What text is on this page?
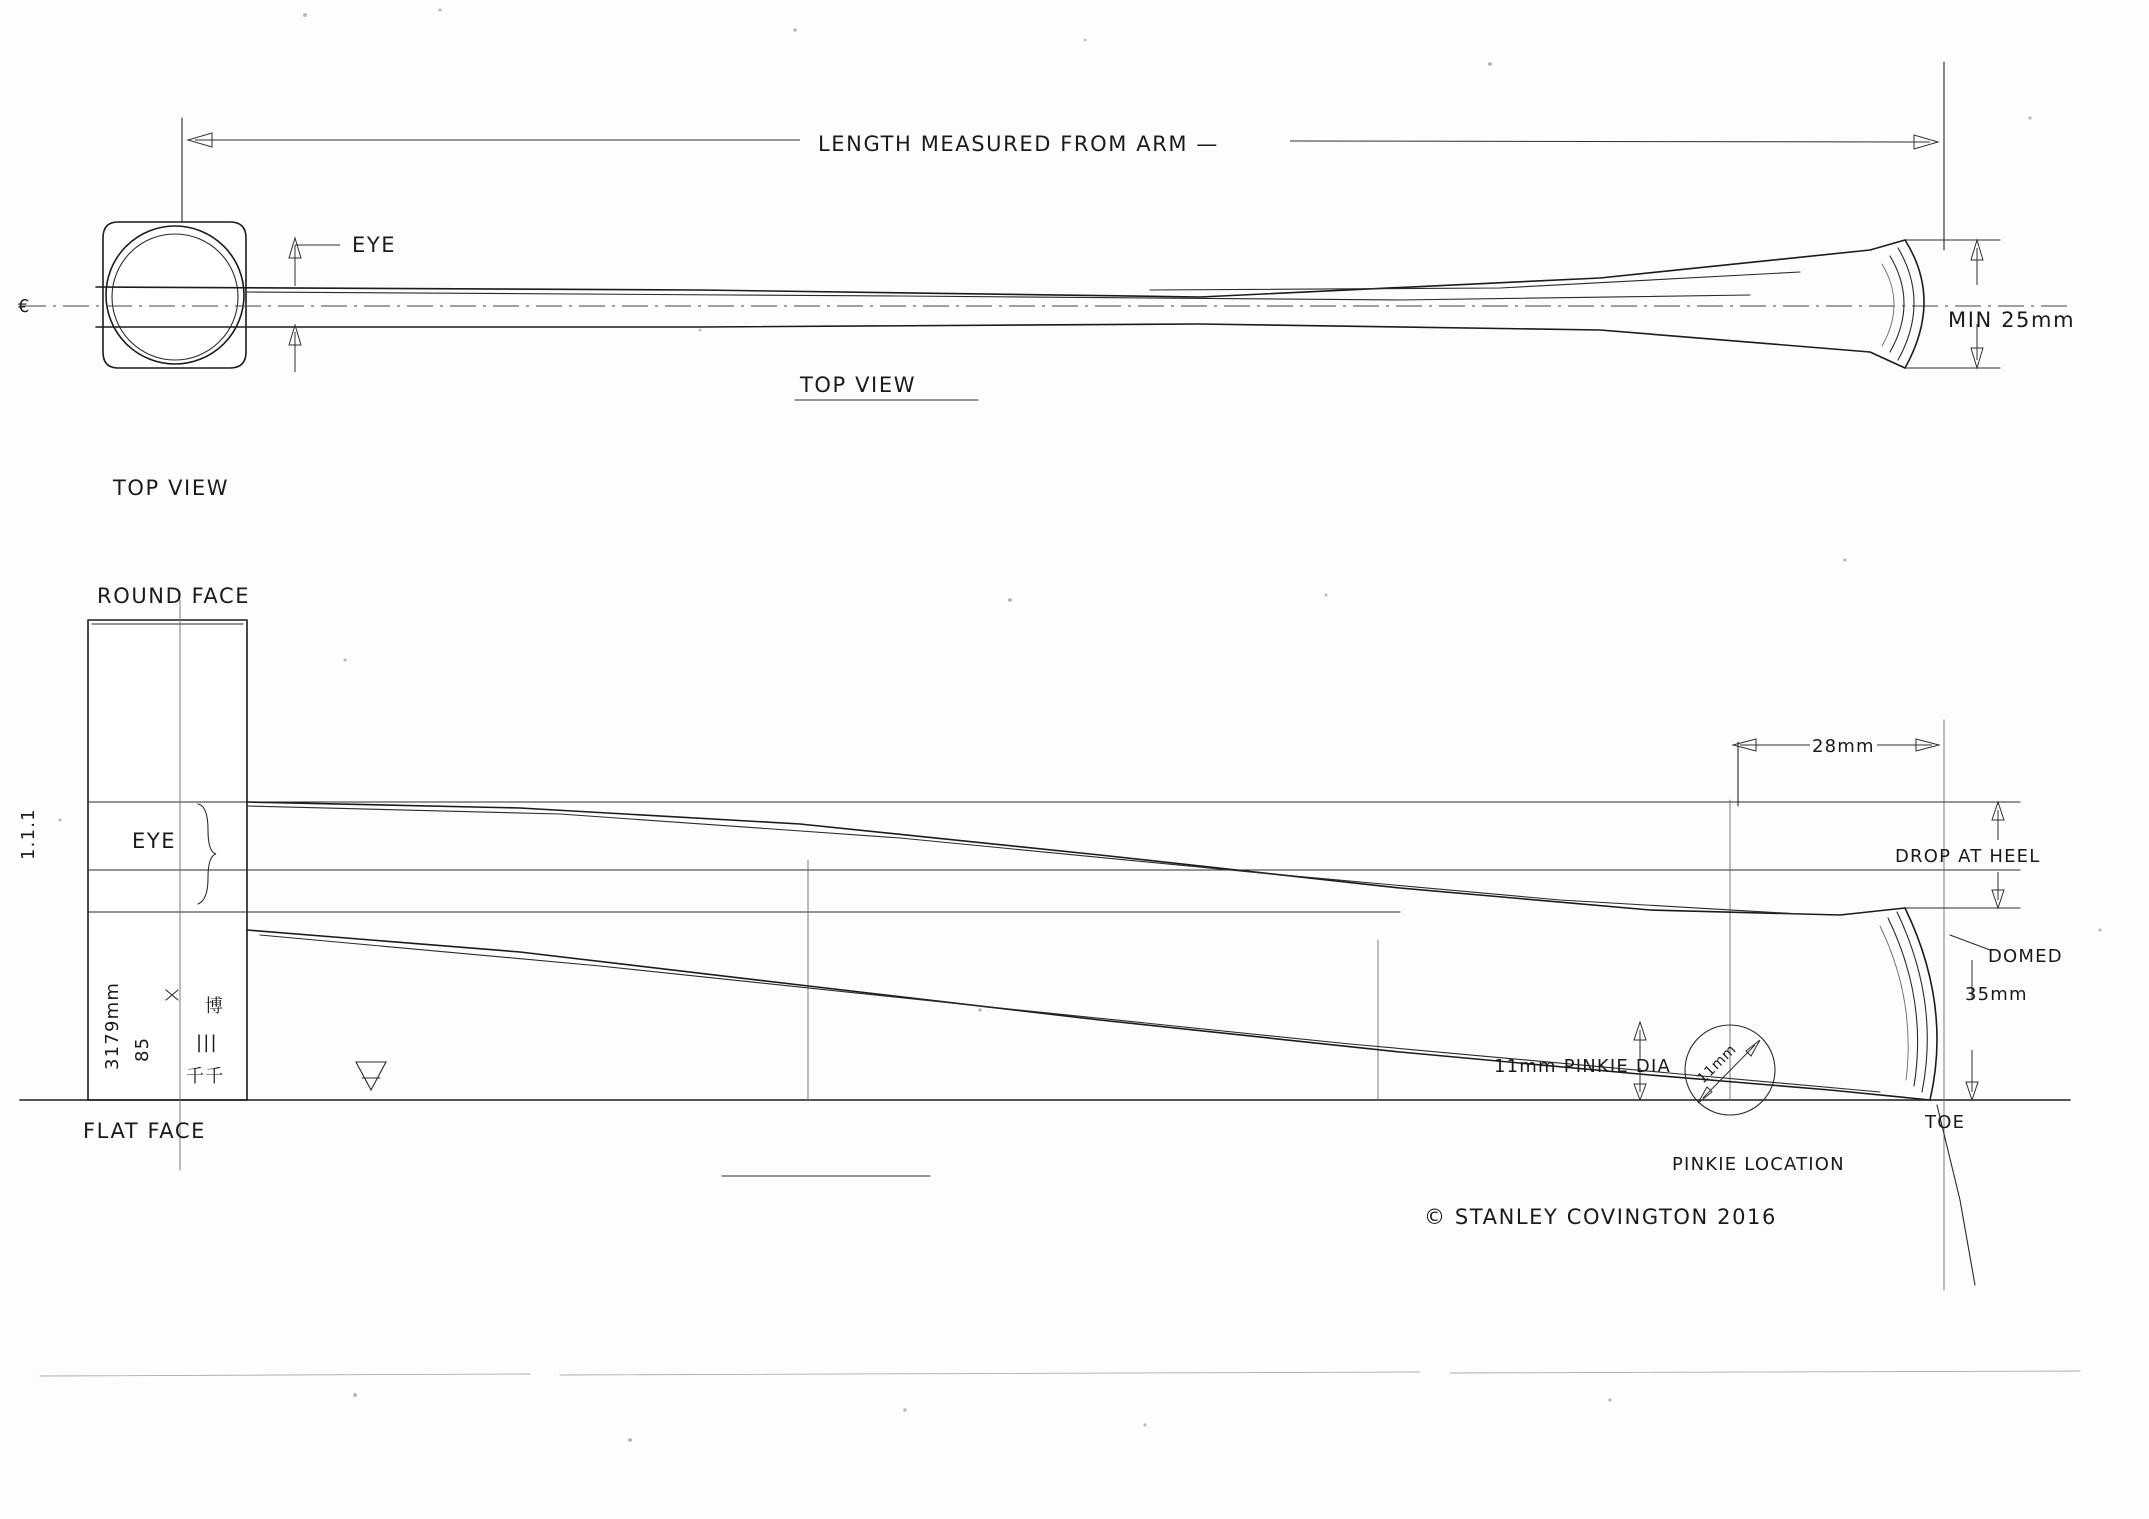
LENGTH MEASURED FROM ARM —
€
EYE
MIN 25mm
TOP VIEW
TOP VIEW
ROUND FACE
EYE
28mm
DROP AT HEEL
DOMED
35mm
TOE
11mm PINKIE DIA 11mm
PINKIE LOCATION
FLAT FACE
© STANLEY COVINGTON 2016
1.1.1
3179mm 85
博
|||
千千
